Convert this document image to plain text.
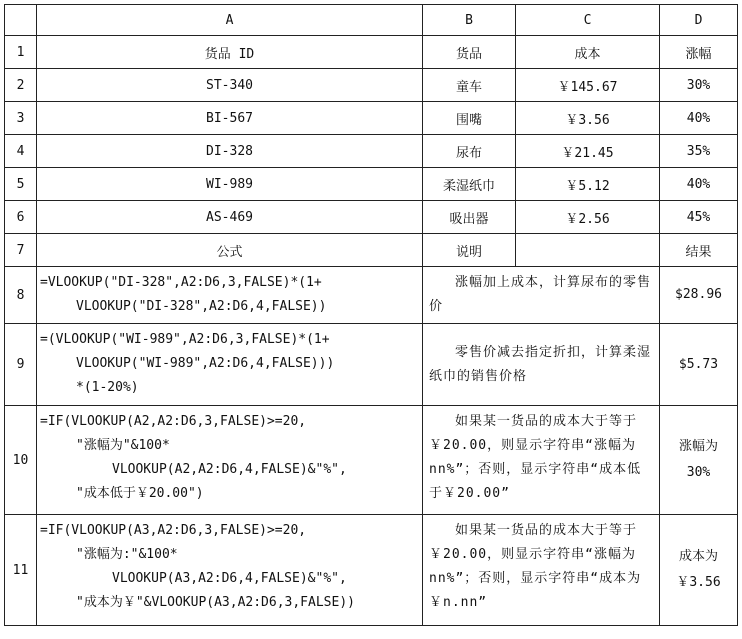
	A	B	C	D
1	货品 ID	货品	成本	涨幅
2	ST-340	童车	￥145.67	30%
3	BI-567	围嘴	￥3.56	40%
4	DI-328	尿布	￥21.45	35%
5	WI-989	柔湿纸巾	￥5.12	40%
6	AS-469	吸出器	￥2.56	45%
7	公式	说明		结果
8	=VLOOKUP("DI-328",A2:D6,3,FALSE)*(1+
VLOOKUP("DI-328",A2:D6,4,FALSE))	涨幅加上成本，计算尿布的零售价		$28.96
9	=(VLOOKUP("WI-989",A2:D6,3,FALSE)*(1+
VLOOKUP("WI-989",A2:D6,4,FALSE)))
*(1-20%)	零售价减去指定折扣，计算柔湿纸巾的销售价格		$5.73
10	=IF(VLOOKUP(A2,A2:D6,3,FALSE)>=20,
"涨幅为"&100*
VLOOKUP(A2,A2:D6,4,FALSE)&"%",
"成本低于￥20.00")	如果某一货品的成本大于等于￥20.00，则显示字符串“涨幅为 nn%”；否则，显示字符串“成本低于￥20.00”		涨幅为
30%

11	=IF(VLOOKUP(A3,A2:D6,3,FALSE)>=20,
"涨幅为:"&100*
VLOOKUP(A3,A2:D6,4,FALSE)&"%",
"成本为￥"&VLOOKUP(A3,A2:D6,3,FALSE))	如果某一货品的成本大于等于￥20.00，则显示字符串“涨幅为 nn%”；否则，显示字符串“成本为￥n.nn”		成本为
￥3.56
